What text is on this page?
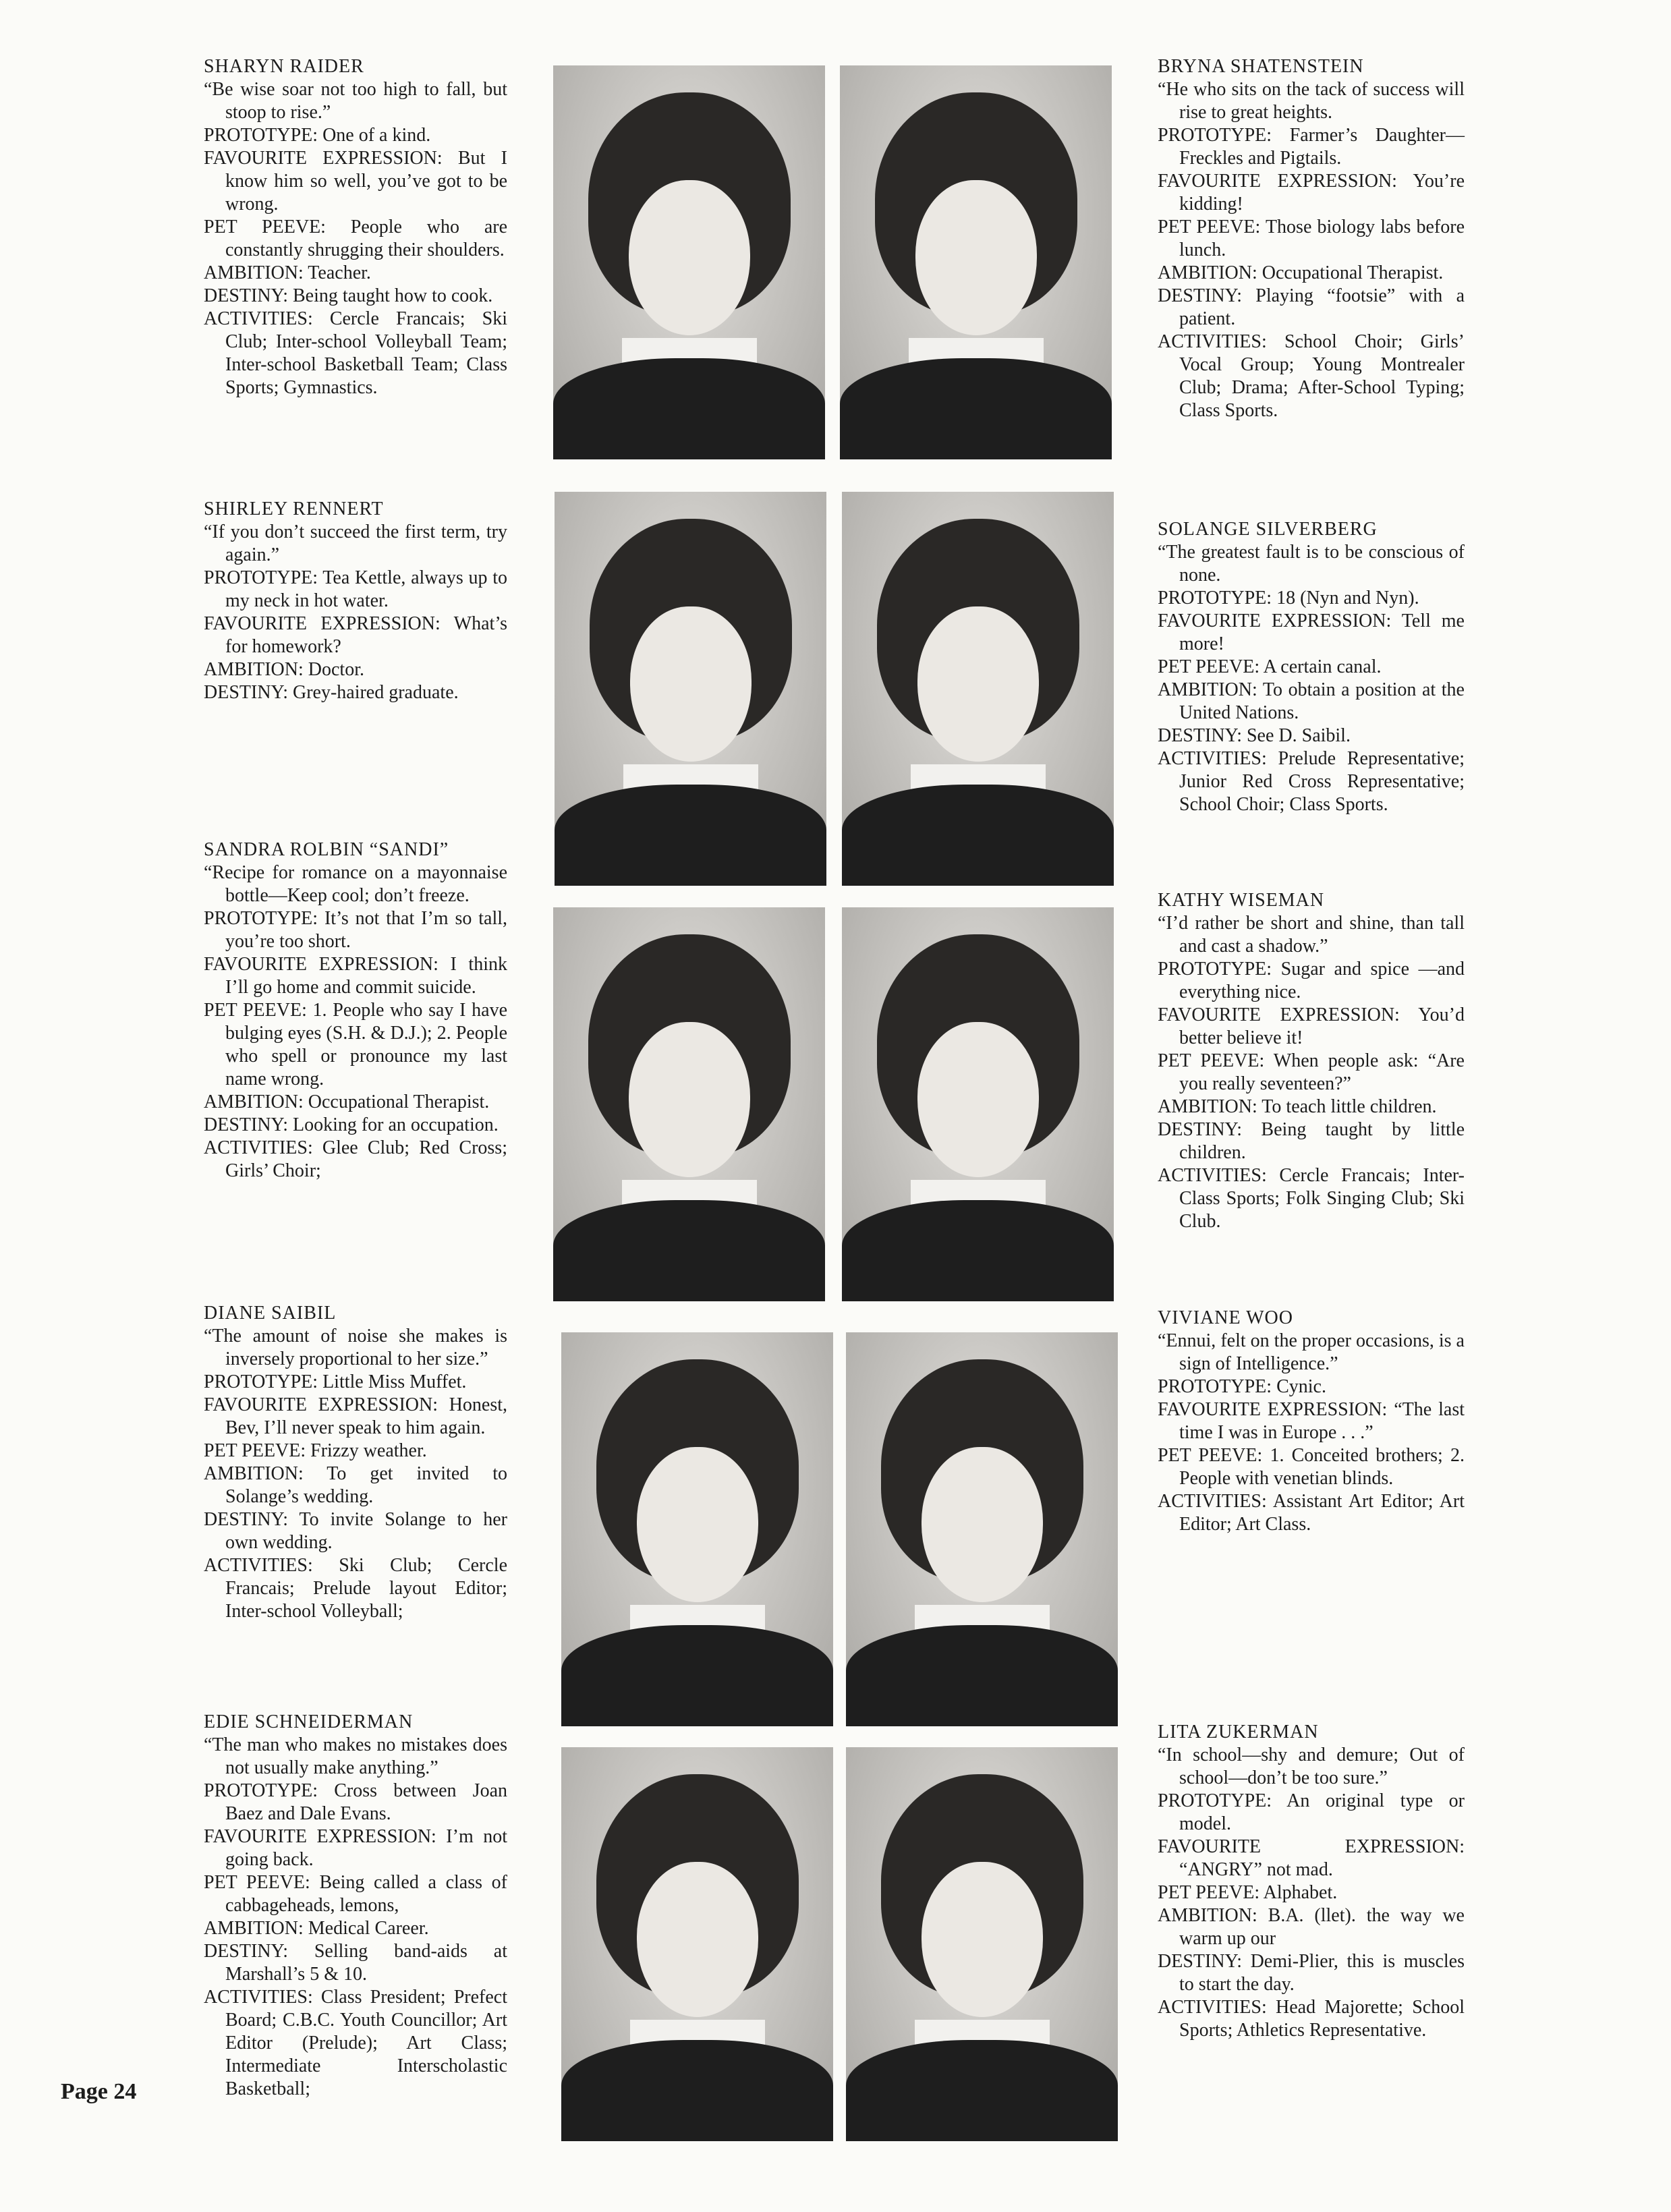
SHARYN RAIDER

“Be wise soar not too high to fall, but stoop to rise.”

PROTOTYPE: One of a kind.

FAVOURITE EXPRESSION: But I know him so well, you’ve got to be wrong.

PET PEEVE: People who are constantly shrugging their shoulders.

AMBITION: Teacher.

DESTINY: Being taught how to cook.

ACTIVITIES: Cercle Francais; Ski Club; Inter-school Volleyball Team; Inter-school Basketball Team; Class Sports; Gymnastics.

SHIRLEY RENNERT

“If you don’t succeed the first term, try again.”

PROTOTYPE: Tea Kettle, always up to my neck in hot water.

FAVOURITE EXPRESSION: What’s for homework?

AMBITION: Doctor.

DESTINY: Grey-haired graduate.

SANDRA ROLBIN “SANDI”

“Recipe for romance on a mayonnaise bottle—Keep cool; don’t freeze.

PROTOTYPE: It’s not that I’m so tall, you’re too short.

FAVOURITE EXPRESSION: I think I’ll go home and commit suicide.

PET PEEVE: 1. People who say I have bulging eyes (S.H. & D.J.); 2. People who spell or pronounce my last name wrong.

AMBITION: Occupational Therapist.

DESTINY: Looking for an occupation.

ACTIVITIES: Glee Club; Red Cross; Girls’ Choir;

DIANE SAIBIL

“The amount of noise she makes is inversely proportional to her size.”

PROTOTYPE: Little Miss Muffet.

FAVOURITE EXPRESSION: Honest, Bev, I’ll never speak to him again.

PET PEEVE: Frizzy weather.

AMBITION: To get invited to Solange’s wedding.

DESTINY: To invite Solange to her own wedding.

ACTIVITIES: Ski Club; Cercle Francais; Prelude layout Editor; Inter-school Volleyball;

EDIE SCHNEIDERMAN

“The man who makes no mistakes does not usually make anything.”

PROTOTYPE: Cross between Joan Baez and Dale Evans.

FAVOURITE EXPRESSION: I’m not going back.

PET PEEVE: Being called a class of cabbageheads, lemons,

AMBITION: Medical Career.

DESTINY: Selling band-aids at Marshall’s 5 & 10.

ACTIVITIES: Class President; Prefect Board; C.B.C. Youth Councillor; Art Editor (Prelude); Art Class; Intermediate Interscholastic Basketball;

BRYNA SHATENSTEIN

“He who sits on the tack of success will rise to great heights.

PROTOTYPE: Farmer’s Daughter—Freckles and Pigtails.

FAVOURITE EXPRESSION: You’re kidding!

PET PEEVE: Those biology labs before lunch.

AMBITION: Occupational Therapist.

DESTINY: Playing “footsie” with a patient.

ACTIVITIES: School Choir; Girls’ Vocal Group; Young Montrealer Club; Drama; After-School Typing; Class Sports.

SOLANGE SILVERBERG

“The greatest fault is to be conscious of none.

PROTOTYPE: 18 (Nyn and Nyn).

FAVOURITE EXPRESSION: Tell me more!

PET PEEVE: A certain canal.

AMBITION: To obtain a position at the United Nations.

DESTINY: See D. Saibil.

ACTIVITIES: Prelude Representative; Junior Red Cross Representative; School Choir; Class Sports.

KATHY WISEMAN

“I’d rather be short and shine, than tall and cast a shadow.”

PROTOTYPE: Sugar and spice —and everything nice.

FAVOURITE EXPRESSION: You’d better believe it!

PET PEEVE: When people ask: “Are you really seventeen?”

AMBITION: To teach little children.

DESTINY: Being taught by little children.

ACTIVITIES: Cercle Francais; Inter-Class Sports; Folk Singing Club; Ski Club.

VIVIANE WOO

“Ennui, felt on the proper occasions, is a sign of Intelligence.”

PROTOTYPE: Cynic.

FAVOURITE EXPRESSION: “The last time I was in Europe . . .”

PET PEEVE: 1. Conceited brothers; 2. People with venetian blinds.

ACTIVITIES: Assistant Art Editor; Art Editor; Art Class.

LITA ZUKERMAN

“In school—shy and demure; Out of school—don’t be too sure.”

PROTOTYPE: An original type or model.

FAVOURITE EXPRESSION: “ANGRY” not mad.

PET PEEVE: Alphabet.

AMBITION: B.A. (llet). the way we warm up our

DESTINY: Demi-Plier, this is muscles to start the day.

ACTIVITIES: Head Majorette; School Sports; Athletics Representative.

Page 24
